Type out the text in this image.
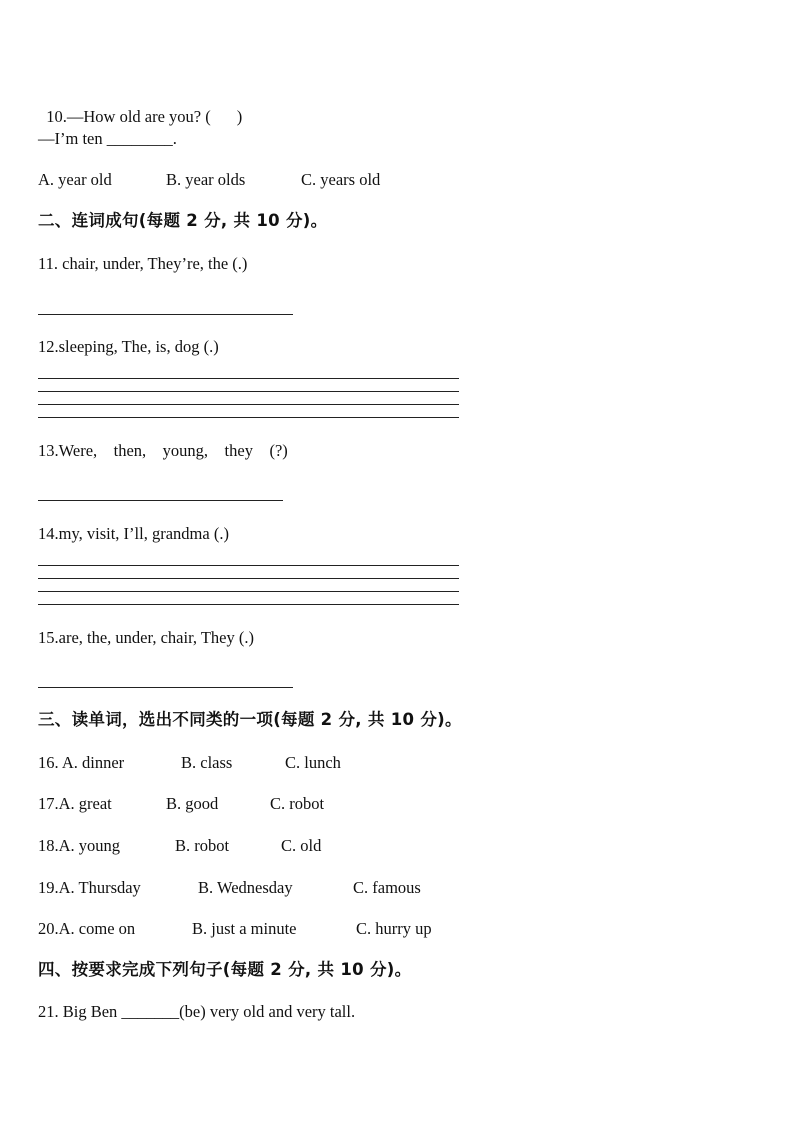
10.—How old are you? ( )

—I’m ten ________.
A. year old	B. year olds	C. years old
二、连词成句(每题 2 分, 共 10 分)。
11. chair, under, They’re, the (.)
12.sleeping, The, is, dog (.)
13.Were,    then,    young,    they    (?)
14.my, visit, I’ll, grandma (.)
15.are, the, under, chair, They (.)
三、读单词，选出不同类的一项(每题 2 分, 共 10 分)。
16. A. dinner	B. class	C. lunch
17.A. great	B. good	C. robot
18.A. young	B. robot	C. old
19.A. Thursday	B. Wednesday	C. famous
20.A. come on	B. just a minute	C. hurry up
四、按要求完成下列句子(每题 2 分, 共 10 分)。
21. Big Ben _______(be) very old and very tall.
